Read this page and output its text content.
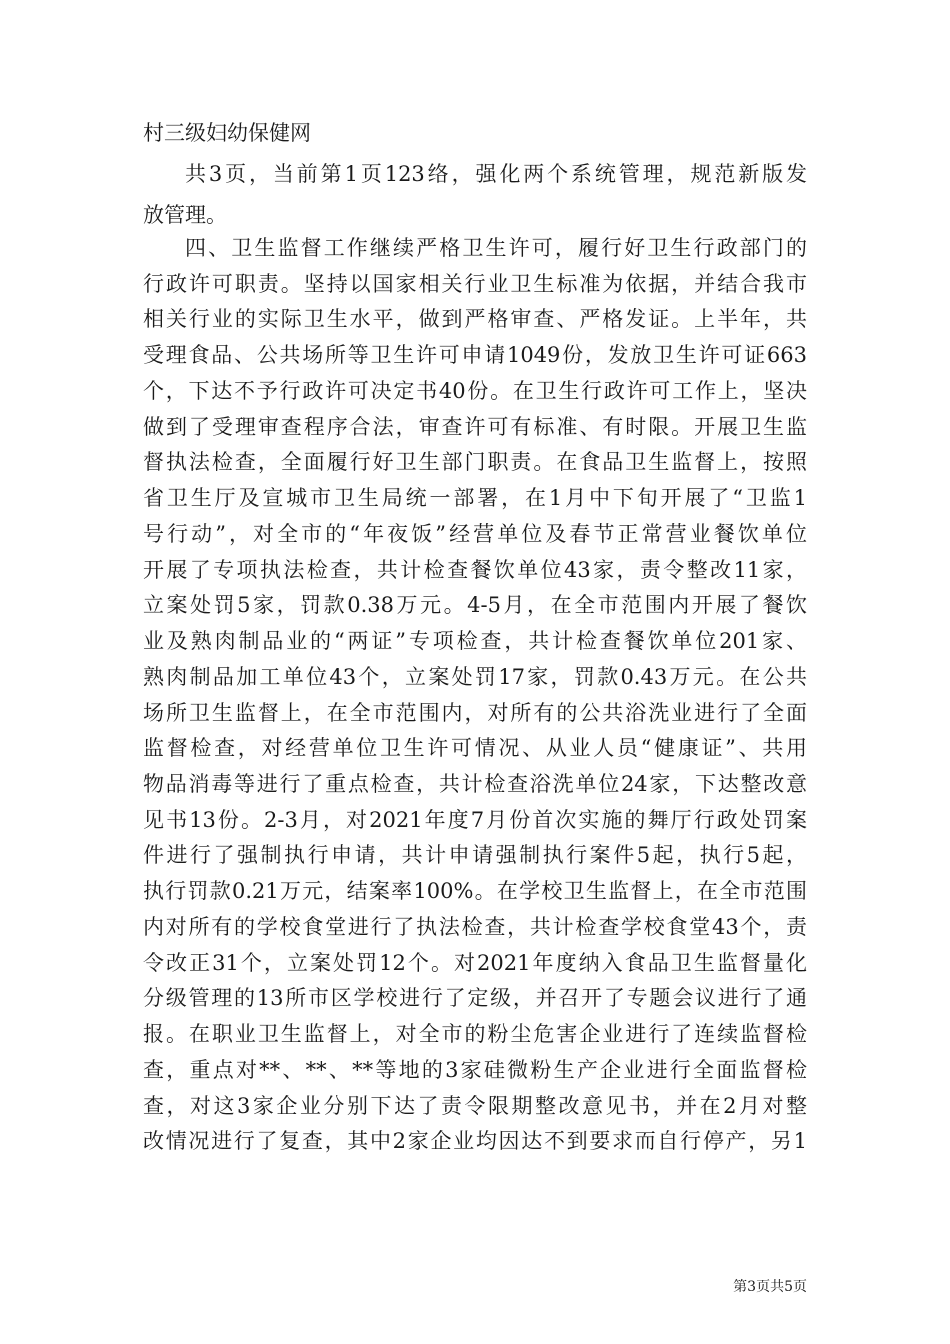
村三级妇幼保健网
共3页，当前第1页123络，强化两个系统管理，规范新版发
放管理。
四、卫生监督工作继续严格卫生许可，履行好卫生行政部门的
行政许可职责。坚持以国家相关行业卫生标准为依据，并结合我市
相关行业的实际卫生水平，做到严格审查、严格发证。上半年，共
受理食品、公共场所等卫生许可申请1049份，发放卫生许可证663
个，下达不予行政许可决定书40份。在卫生行政许可工作上，坚决
做到了受理审查程序合法，审查许可有标准、有时限。开展卫生监
督执法检查，全面履行好卫生部门职责。在食品卫生监督上，按照
省卫生厅及宣城市卫生局统一部署，在1月中下旬开展了“卫监1
号行动”，对全市的“年夜饭”经营单位及春节正常营业餐饮单位
开展了专项执法检查，共计检查餐饮单位43家，责令整改11家，
立案处罚5家，罚款0.38万元。4-5月，在全市范围内开展了餐饮
业及熟肉制品业的“两证”专项检查，共计检查餐饮单位201家、
熟肉制品加工单位43个，立案处罚17家，罚款0.43万元。在公共
场所卫生监督上，在全市范围内，对所有的公共浴洗业进行了全面
监督检查，对经营单位卫生许可情况、从业人员“健康证”、共用
物品消毒等进行了重点检查，共计检查浴洗单位24家，下达整改意
见书13份。2-3月，对2021年度7月份首次实施的舞厅行政处罚案
件进行了强制执行申请，共计申请强制执行案件5起，执行5起，
执行罚款0.21万元，结案率100%。在学校卫生监督上，在全市范围
内对所有的学校食堂进行了执法检查，共计检查学校食堂43个，责
令改正31个，立案处罚12个。对2021年度纳入食品卫生监督量化
分级管理的13所市区学校进行了定级，并召开了专题会议进行了通
报。在职业卫生监督上，对全市的粉尘危害企业进行了连续监督检
查，重点对**、**、**等地的3家硅微粉生产企业进行全面监督检
查，对这3家企业分别下达了责令限期整改意见书，并在2月对整
改情况进行了复查，其中2家企业均因达不到要求而自行停产，另1
第3页共5页
